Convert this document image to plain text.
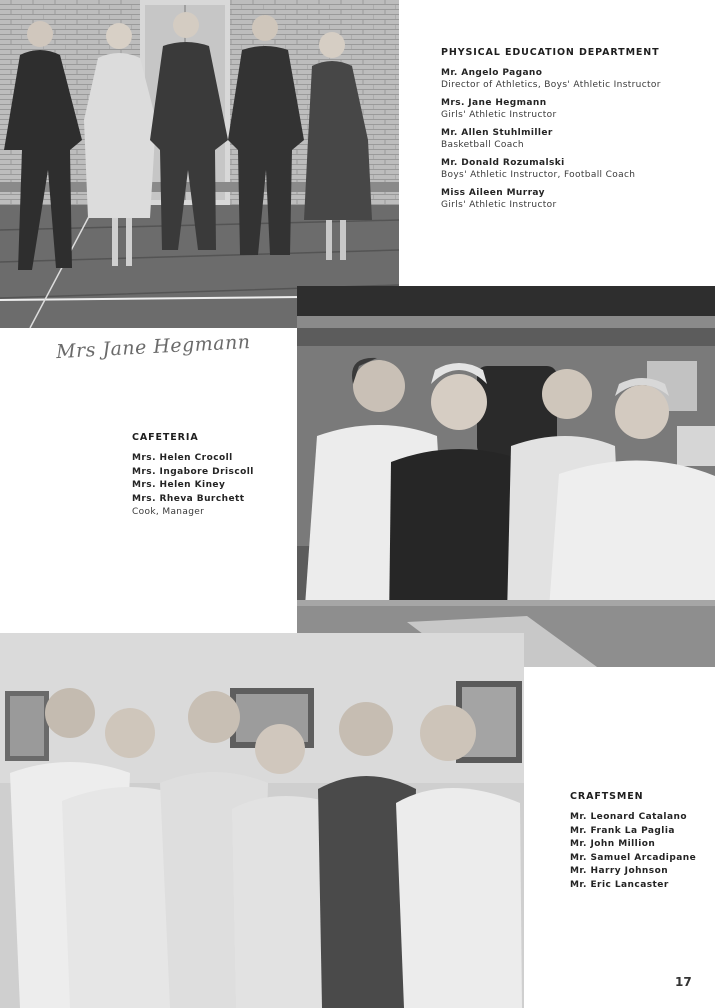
PHYSICAL EDUCATION DEPARTMENT
Mr. Angelo Pagano
Director of Athletics, Boys' Athletic Instructor
Mrs. Jane Hegmann
Girls' Athletic Instructor
Mr. Allen Stuhlmiller
Basketball Coach
Mr. Donald Rozumalski
Boys' Athletic Instructor, Football Coach
Miss Aileen Murray
Girls' Athletic Instructor
Mrs Jane Hegmann
CAFETERIA
Mrs. Helen Crocoll
Mrs. Ingabore Driscoll
Mrs. Helen Kiney
Mrs. Rheva Burchett
Cook, Manager
CRAFTSMEN
Mr. Leonard Catalano
Mr. Frank La Paglia
Mr. John Million
Mr. Samuel Arcadipane
Mr. Harry Johnson
Mr. Eric Lancaster
17
